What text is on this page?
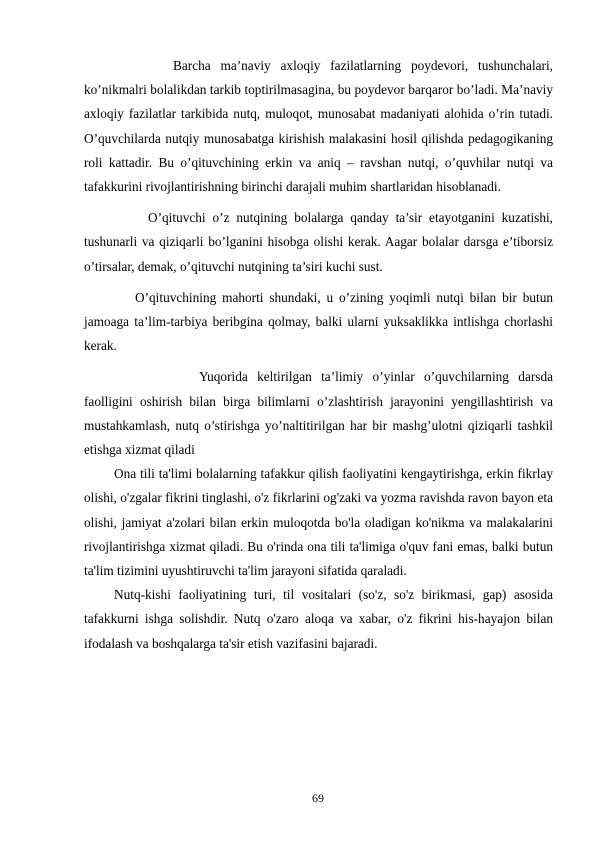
Barcha ma’naviy axloqiy fazilatlarning poydevori, tushunchalari, ko’nikmalri bolalikdan tarkib toptirilmasagina, bu poydevor barqaror bo’ladi. Ma’naviy axloqiy fazilatlar tarkibida nutq, muloqot, munosabat madaniyati alohida o’rin tutadi. O’quvchilarda nutqiy munosabatga kirishish malakasini hosil qilishda pedagogikaning roli kattadir. Bu o’qituvchining erkin va aniq – ravshan nutqi, o’quvhilar nutqi va tafakkurini rivojlantirishning birinchi darajali muhim shartlaridan hisoblanadi.

O’qituvchi o’z nutqining bolalarga qanday ta’sir etayotganini kuzatishi, tushunarli va qiziqarli bo’lganini hisobga olishi kerak. Aagar bolalar darsga e’tiborsiz o’tirsalar, demak, o’qituvchi nutqining ta’siri kuchi sust.

O’qituvchining mahorti shundaki, u o’zining yoqimli nutqi bilan bir butun jamoaga ta’lim-tarbiya beribgina qolmay, balki ularni yuksaklikka intlishga chorlashi kerak.

Yuqorida keltirilgan ta’limiy o’yinlar o’quvchilarning darsda faolligini oshirish bilan birga bilimlarni o’zlashtirish jarayonini yengillashtirish va mustahkamlash, nutq o’stirishga yo’naltitirilgan har bir mashg’ulotni qiziqarli tashkil etishga xizmat qiladi

Ona tili ta'limi bolalarning tafakkur qilish faoliyatini kengaytirishga, erkin fikrlay olishi, o'zgalar fikrini tinglashi, o'z fikrlarini og'zaki va yozma ravishda ravon bayon eta olishi, jamiyat a'zolari bilan erkin muloqotda bo'la oladigan ko'nikma va malakalarini rivojlantirishga xizmat qiladi. Bu o'rinda ona tili ta'limiga o'quv fani emas, balki butun ta'lim tizimini uyushtiruvchi ta'lim jarayoni sifatida qaraladi.

Nutq-kishi faoliyatining turi, til vositalari (so'z, so'z birikmasi, gap) asosida tafakkurni ishga solishdir. Nutq o'zaro aloqa va xabar, o'z fikrini his-hayajon bilan ifodalash va boshqalarga ta'sir etish vazifasini bajaradi.

69
